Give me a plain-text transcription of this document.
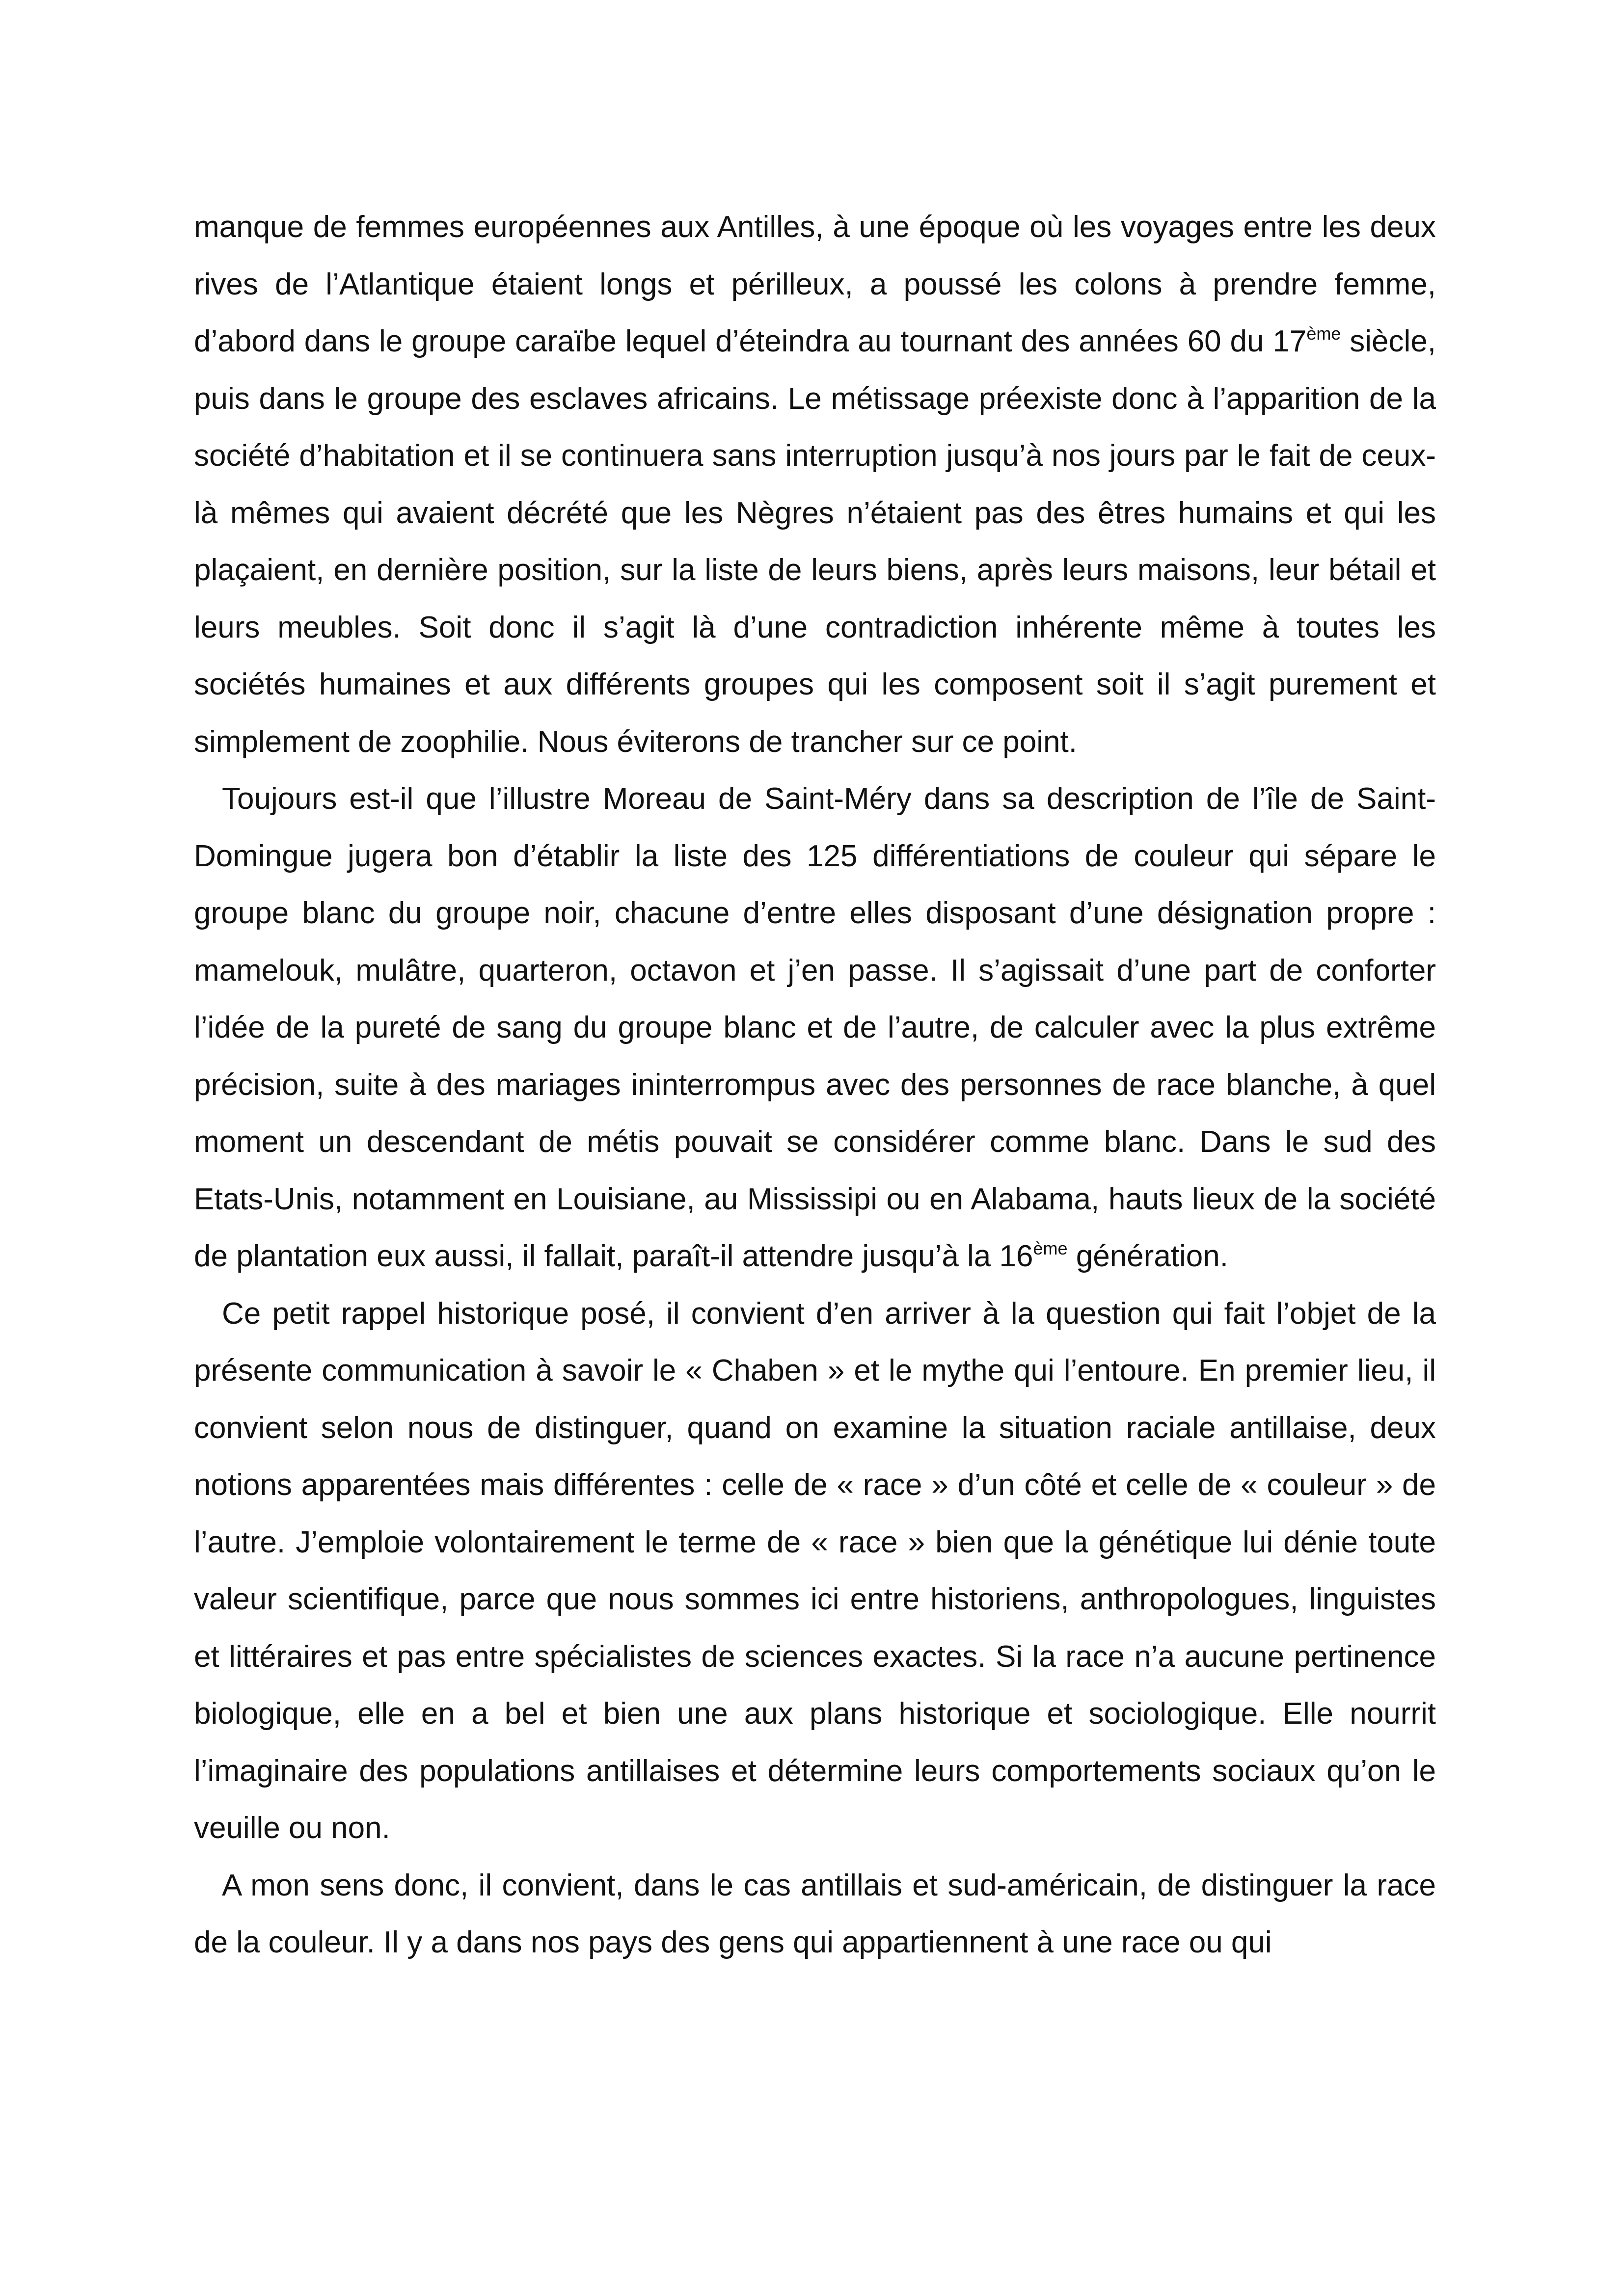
manque de femmes européennes aux Antilles, à une époque où les voyages entre les deux rives de l’Atlantique étaient longs et périlleux, a poussé les colons à prendre femme, d’abord dans le groupe caraïbe lequel d’éteindra au tournant des années 60 du 17ème siècle, puis dans le groupe des esclaves africains. Le métissage préexiste donc à l’apparition de la société d’habitation et il se continuera sans interruption jusqu’à nos jours par le fait de ceux-là mêmes qui avaient décrété que les Nègres n’étaient pas des êtres humains et qui les plaçaient, en dernière position, sur la liste de leurs biens, après leurs maisons, leur bétail et leurs meubles. Soit donc il s’agit là d’une contradiction inhérente même à toutes les sociétés humaines et aux différents groupes qui les composent soit il s’agit purement et simplement de zoophilie. Nous éviterons de trancher sur ce point.

Toujours est-il que l’illustre Moreau de Saint-Méry dans sa description de l’île de Saint-Domingue jugera bon d’établir la liste des 125 différentiations de couleur qui sépare le groupe blanc du groupe noir, chacune d’entre elles disposant d’une désignation propre : mamelouk, mulâtre, quarteron, octavon et j’en passe. Il s’agissait d’une part de conforter l’idée de la pureté de sang du groupe blanc et de l’autre, de calculer avec la plus extrême précision, suite à des mariages ininterrompus avec des personnes de race blanche, à quel moment un descendant de métis pouvait se considérer comme blanc. Dans le sud des Etats-Unis, notamment en Louisiane, au Mississipi ou en Alabama, hauts lieux de la société de plantation eux aussi, il fallait, paraît-il attendre jusqu’à la 16ème génération.

Ce petit rappel historique posé, il convient d’en arriver à la question qui fait l’objet de la présente communication à savoir le « Chaben » et le mythe qui l’entoure. En premier lieu, il convient selon nous de distinguer, quand on examine la situation raciale antillaise, deux notions apparentées mais différentes : celle de « race » d’un côté et celle de « couleur » de l’autre. J’emploie volontairement le terme de « race » bien que la génétique lui dénie toute valeur scientifique, parce que nous sommes ici entre historiens, anthropologues, linguistes et littéraires et pas entre spécialistes de sciences exactes. Si la race n’a aucune pertinence biologique, elle en a bel et bien une aux plans historique et sociologique. Elle nourrit l’imaginaire des populations antillaises et détermine leurs comportements sociaux qu’on le veuille ou non.

A mon sens donc, il convient, dans le cas antillais et sud-américain, de distinguer la race de la couleur. Il y a dans nos pays des gens qui appartiennent à une race ou qui
